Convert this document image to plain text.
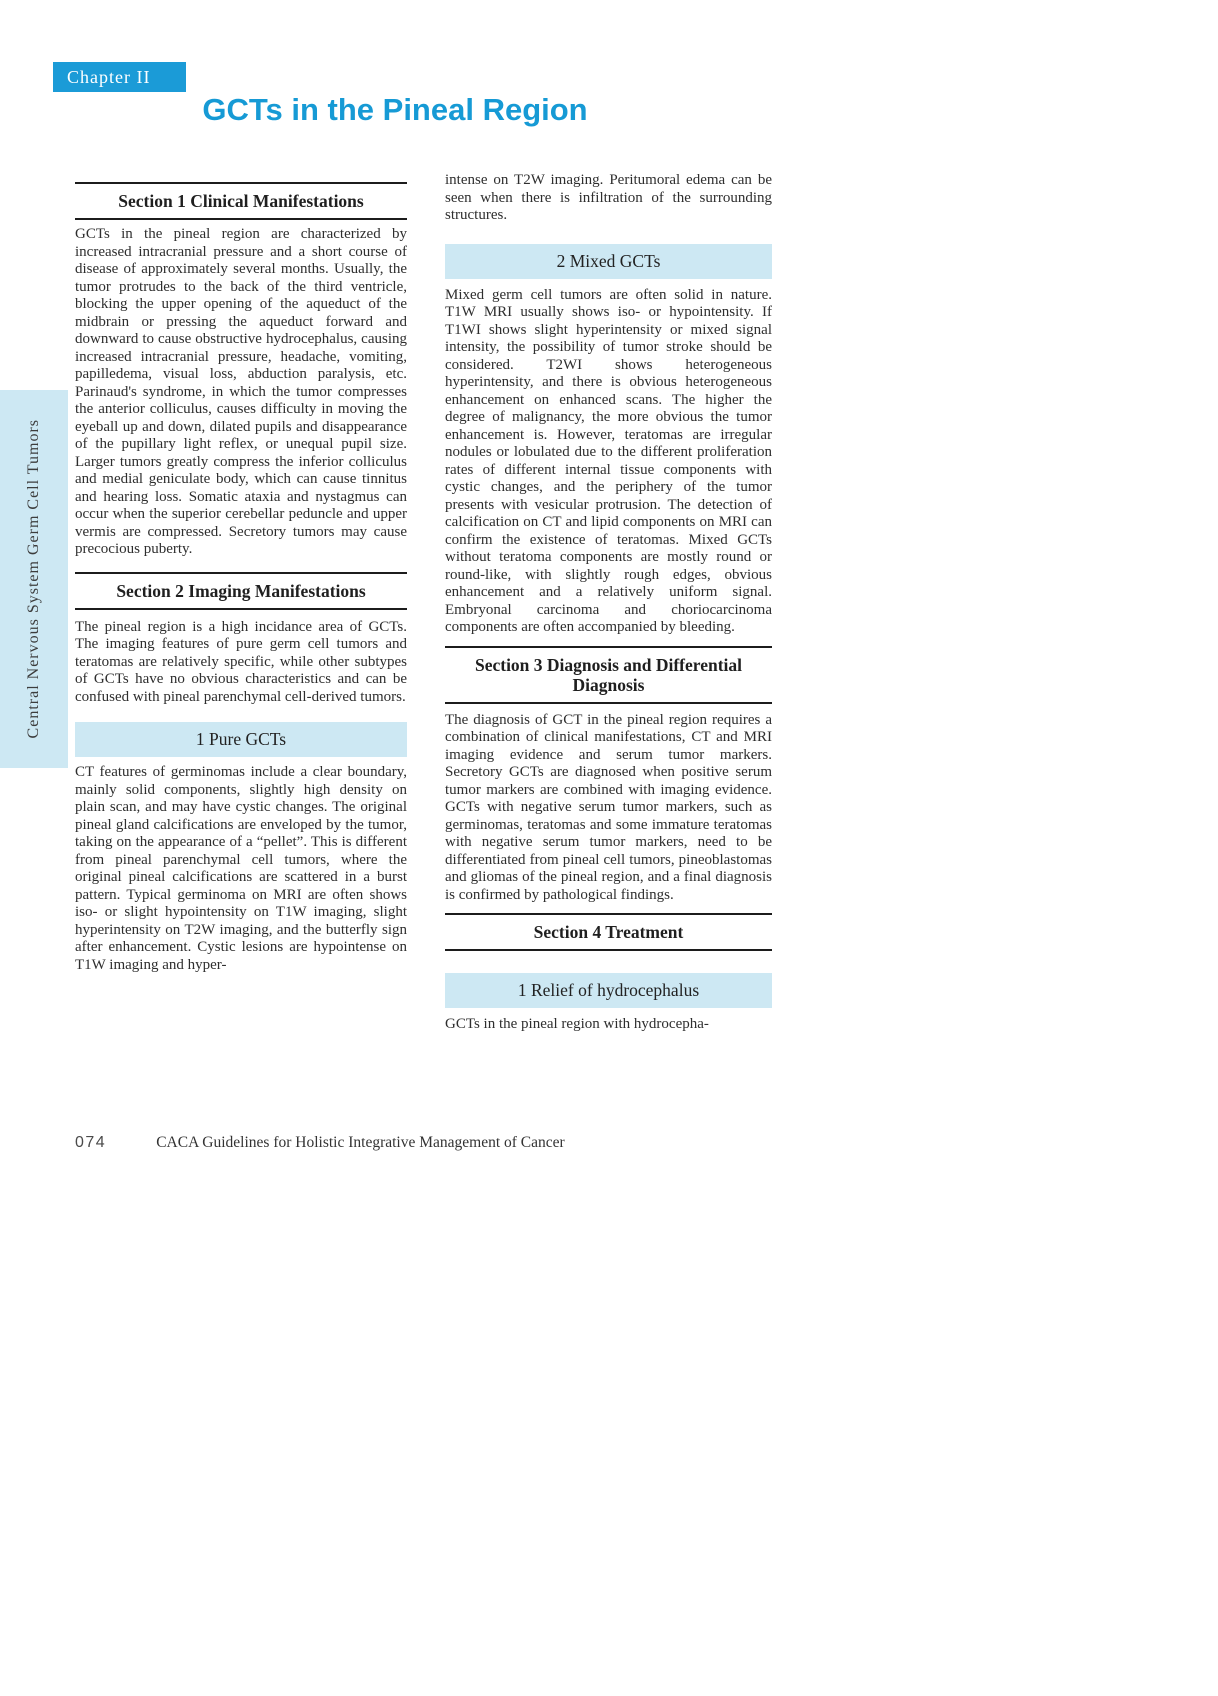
Central Nervous System Germ Cell Tumors
Chapter II
GCTs in the Pineal Region
Section 1 Clinical Manifestations

GCTs in the pineal region are characterized by increased intracranial pressure and a short course of disease of approximately several months. Usually, the tumor protrudes to the back of the third ventricle, blocking the upper opening of the aqueduct of the midbrain or pressing the aqueduct forward and downward to cause obstructive hydrocephalus, causing increased intracranial pressure, headache, vomiting, papilledema, visual loss, abduction paralysis, etc. Parinaud's syndrome, in which the tumor compresses the anterior colliculus, causes difficulty in moving the eyeball up and down, dilated pupils and disappearance of the pupillary light reflex, or unequal pupil size. Larger tumors greatly compress the inferior colliculus and medial geniculate body, which can cause tinnitus and hearing loss. Somatic ataxia and nystagmus can occur when the superior cerebellar peduncle and upper vermis are compressed. Secretory tumors may cause precocious puberty.

Section 2 Imaging Manifestations

The pineal region is a high incidance area of GCTs. The imaging features of pure germ cell tumors and teratomas are relatively specific, while other subtypes of GCTs have no obvious characteristics and can be confused with pineal parenchymal cell-derived tumors.

1 Pure GCTs

CT features of germinomas include a clear boundary, mainly solid components, slightly high density on plain scan, and may have cystic changes. The original pineal gland calcifications are enveloped by the tumor, taking on the appearance of a “pellet”. This is different from pineal parenchymal cell tumors, where the original pineal calcifications are scattered in a burst pattern. Typical germinoma on MRI are often shows iso- or slight hypointensity on T1W imaging, slight hyperintensity on T2W imaging, and the butterfly sign after enhancement. Cystic lesions are hypointense on T1W imaging and hyper-

intense on T2W imaging. Peritumoral edema can be seen when there is infiltration of the surrounding structures.

2 Mixed GCTs

Mixed germ cell tumors are often solid in nature. T1W MRI usually shows iso- or hypointensity. If T1WI shows slight hyperintensity or mixed signal intensity, the possibility of tumor stroke should be considered. T2WI shows heterogeneous hyperintensity, and there is obvious heterogeneous enhancement on enhanced scans. The higher the degree of malignancy, the more obvious the tumor enhancement is. However, teratomas are irregular nodules or lobulated due to the different proliferation rates of different internal tissue components with cystic changes, and the periphery of the tumor presents with vesicular protrusion. The detection of calcification on CT and lipid components on MRI can confirm the existence of teratomas. Mixed GCTs without teratoma components are mostly round or round-like, with slightly rough edges, obvious enhancement and a relatively uniform signal. Embryonal carcinoma and choriocarcinoma components are often accompanied by bleeding.

Section 3 Diagnosis and Differential Diagnosis

The diagnosis of GCT in the pineal region requires a combination of clinical manifestations, CT and MRI imaging evidence and serum tumor markers. Secretory GCTs are diagnosed when positive serum tumor markers are combined with imaging evidence. GCTs with negative serum tumor markers, such as germinomas, teratomas and some immature teratomas with negative serum tumor markers, need to be differentiated from pineal cell tumors, pineoblastomas and gliomas of the pineal region, and a final diagnosis is confirmed by pathological findings.

Section 4 Treatment
1 Relief of hydrocephalus

GCTs in the pineal region with hydrocepha-

074	CACA Guidelines for Holistic Integrative Management of Cancer
